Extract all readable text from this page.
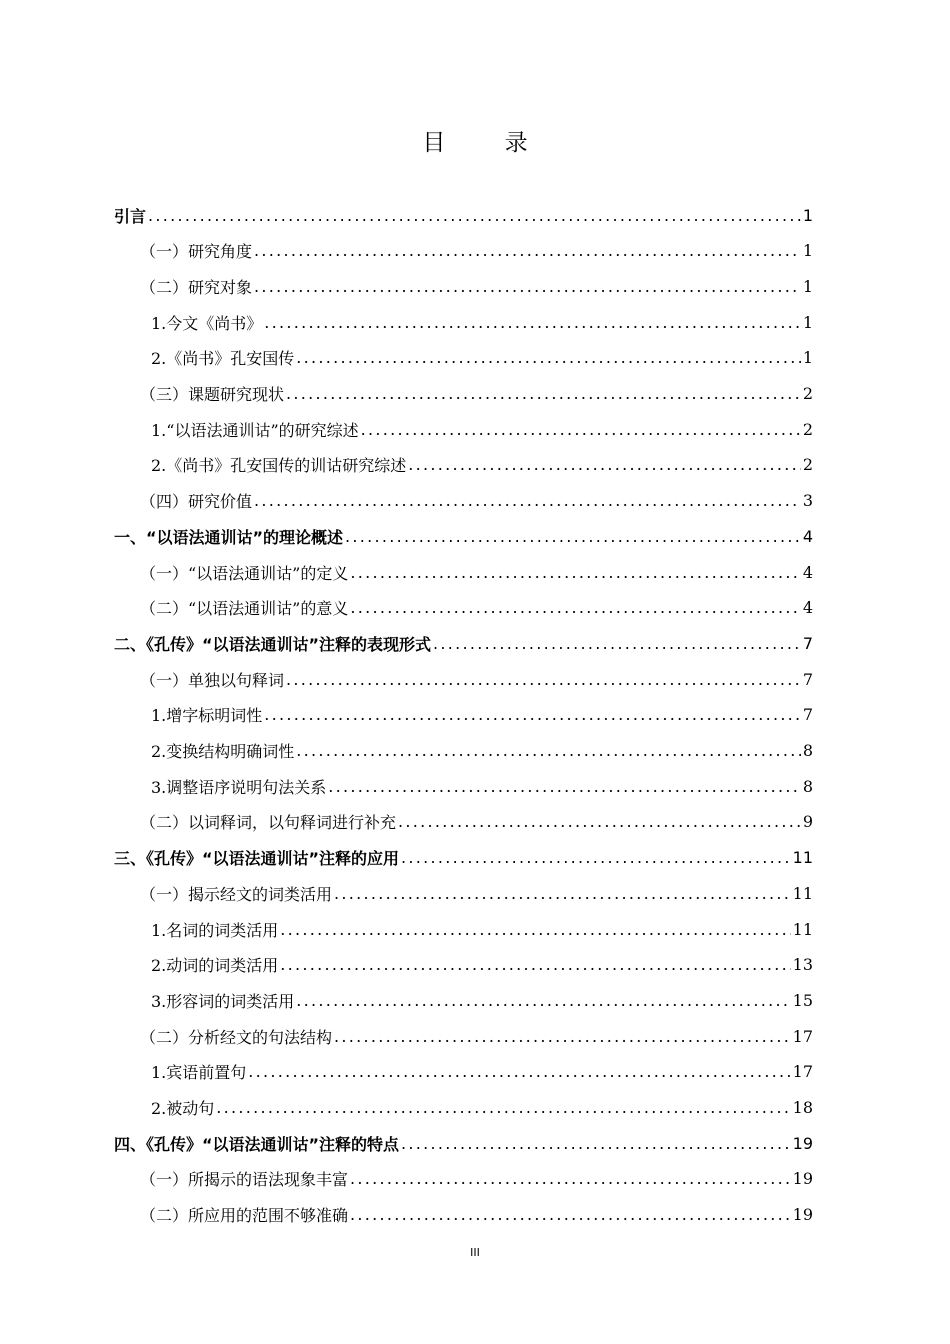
目 录
引言 . . .	1
（一）研究角度 . . .	1
（二）研究对象 . . .	1
1.今文《尚书》 . . .	1
2.《尚书》孔安国传 . . .	1
（三）课题研究现状 . . .	2
1.“以语法通训诂”的研究综述 . . .	2
2.《尚书》孔安国传的训诂研究综述 . . .	2
（四）研究价值 . . .	3
一、“以语法通训诂”的理论概述 . . .	4
（一）“以语法通训诂”的定义 . . .	4
（二）“以语法通训诂”的意义 . . .	4
二、《孔传》“以语法通训诂”注释的表现形式 . . .	7
（一）单独以句释词 . . .	7
1.增字标明词性 . . .	7
2.变换结构明确词性 . . .	8
3.调整语序说明句法关系 . . .	8
（二）以词释词，以句释词进行补充 . . .	9
三、《孔传》“以语法通训诂”注释的应用 . . .	11
（一）揭示经文的词类活用 . . .	11
1.名词的词类活用 . . .	11
2.动词的词类活用 . . .	13
3.形容词的词类活用 . . .	15
（二）分析经文的句法结构 . . .	17
1.宾语前置句 . . .	17
2.被动句 . . .	18
四、《孔传》“以语法通训诂”注释的特点 . . .	19
（一）所揭示的语法现象丰富 . . .	19
（二）所应用的范围不够准确 . . .	19
III
